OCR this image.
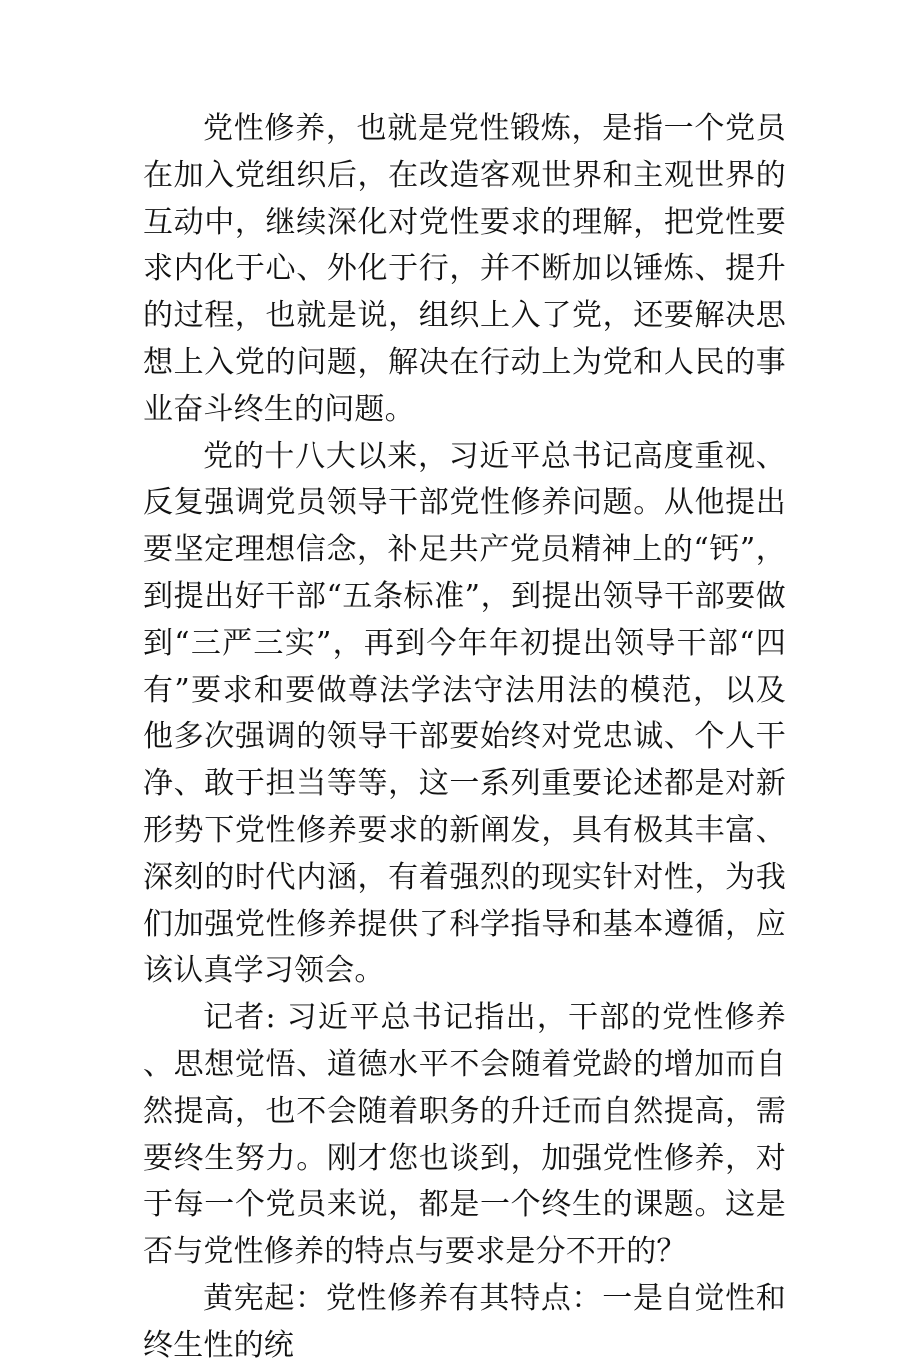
党性修养，也就是党性锻炼，是指一个党员在加入党组织后，在改造客观世界和主观世界的互动中，继续深化对党性要求的理解，把党性要求内化于心、外化于行，并不断加以锤炼、提升的过程，也就是说，组织上入了党，还要解决思想上入党的问题，解决在行动上为党和人民的事业奋斗终生的问题。

党的十八大以来，习近平总书记高度重视、反复强调党员领导干部党性修养问题。从他提出要坚定理想信念，补足共产党员精神上的“钙”，到提出好干部“五条标准”，到提出领导干部要做到“三严三实”，再到今年年初提出领导干部“四有”要求和要做尊法学法守法用法的模范，以及他多次强调的领导干部要始终对党忠诚、个人干净、敢于担当等等，这一系列重要论述都是对新形势下党性修养要求的新阐发，具有极其丰富、深刻的时代内涵，有着强烈的现实针对性，为我们加强党性修养提供了科学指导和基本遵循，应该认真学习领会。

记者: 习近平总书记指出，干部的党性修养、思想觉悟、道德水平不会随着党龄的增加而自然提高，也不会随着职务的升迁而自然提高，需要终生努力。刚才您也谈到，加强党性修养，对于每一个党员来说，都是一个终生的课题。这是否与党性修养的特点与要求是分不开的？

黄宪起：党性修养有其特点：一是自觉性和终生性的统
